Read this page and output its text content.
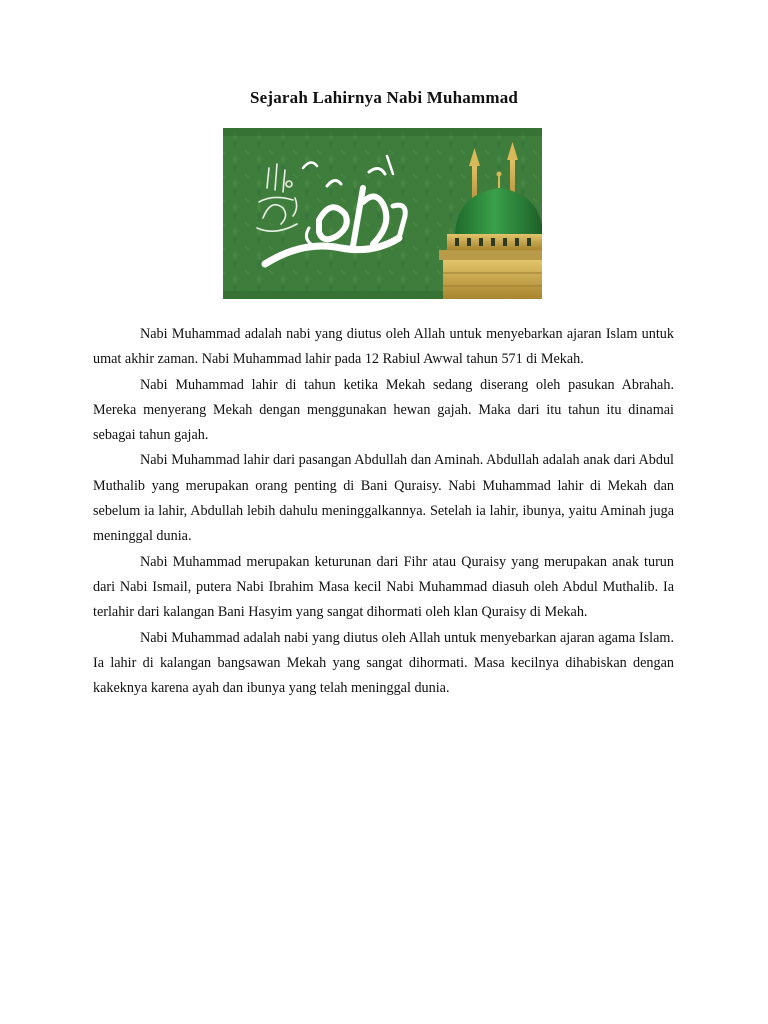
Sejarah Lahirnya Nabi Muhammad

Nabi Muhammad adalah nabi yang diutus oleh Allah untuk menyebarkan ajaran Islam untuk umat akhir zaman. Nabi Muhammad lahir pada 12 Rabiul Awwal tahun 571 di Mekah.

Nabi Muhammad lahir di tahun ketika Mekah sedang diserang oleh pasukan Abrahah. Mereka menyerang Mekah dengan menggunakan hewan gajah. Maka dari itu tahun itu dinamai sebagai tahun gajah.

Nabi Muhammad lahir dari pasangan Abdullah dan Aminah. Abdullah adalah anak dari Abdul Muthalib yang merupakan orang penting di Bani Quraisy. Nabi Muhammad lahir di Mekah dan sebelum ia lahir, Abdullah lebih dahulu meninggalkannya. Setelah ia lahir, ibunya, yaitu Aminah juga meninggal dunia.

Nabi Muhammad merupakan keturunan dari Fihr atau Quraisy yang merupakan anak turun dari Nabi Ismail, putera Nabi Ibrahim Masa kecil Nabi Muhammad diasuh oleh Abdul Muthalib. Ia terlahir dari kalangan Bani Hasyim yang sangat dihormati oleh klan Quraisy di Mekah.

Nabi Muhammad adalah nabi yang diutus oleh Allah untuk menyebarkan ajaran agama Islam. Ia lahir di kalangan bangsawan Mekah yang sangat dihormati. Masa kecilnya dihabiskan dengan kakeknya karena ayah dan ibunya yang telah meninggal dunia.
